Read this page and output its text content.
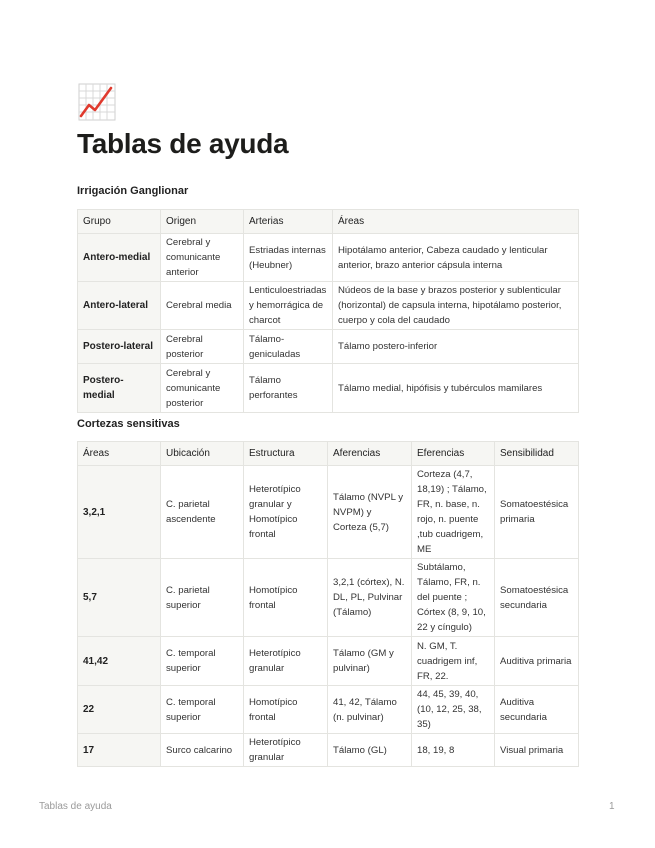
Tablas de ayuda
Irrigación Ganglionar
Grupo	Origen	Arterias	Áreas
Antero-medial	Cerebral y comunicante anterior	Estriadas internas (Heubner)	Hipotálamo anterior, Cabeza caudado y lenticular anterior, brazo anterior cápsula interna
Antero-lateral	Cerebral media	Lenticuloestriadas y hemorrágica de charcot	Núdeos de la base y brazos posterior y sublenticular (horizontal) de capsula interna, hipotálamo posterior, cuerpo y cola del caudado
Postero-lateral	Cerebral posterior	Tálamo-geniculadas	Tálamo postero-inferior
Postero-medial	Cerebral y comunicante posterior	Tálamo perforantes	Tálamo medial, hipófisis y tubérculos mamilares
Cortezas sensitivas
Áreas	Ubicación	Estructura	Aferencias	Eferencias	Sensibilidad
3,2,1	C. parietal ascendente	Heterotípico granular y Homotípico frontal	Tálamo (NVPL y NVPM) y Corteza (5,7)	Corteza (4,7, 18,19) ; Tálamo, FR, n. base, n. rojo, n. puente ,tub cuadrigem, ME	Somatoestésica primaria
5,7	C. parietal superior	Homotípico frontal	3,2,1 (córtex), N. DL, PL, Pulvinar (Tálamo)	Subtálamo, Tálamo, FR, n. del puente ; Córtex (8, 9, 10, 22 y cíngulo)	Somatoestésica secundaria
41,42	C. temporal superior	Heterotípico granular	Tálamo (GM y pulvinar)	N. GM, T. cuadrigem inf, FR, 22.	Auditiva primaria
22	C. temporal superior	Homotípico frontal	41, 42, Tálamo (n. pulvinar)	44, 45, 39, 40, (10, 12, 25, 38, 35)	Auditiva secundaria
17	Surco calcarino	Heterotípico granular	Tálamo (GL)	18, 19, 8	Visual primaria
Tablas de ayuda	1
